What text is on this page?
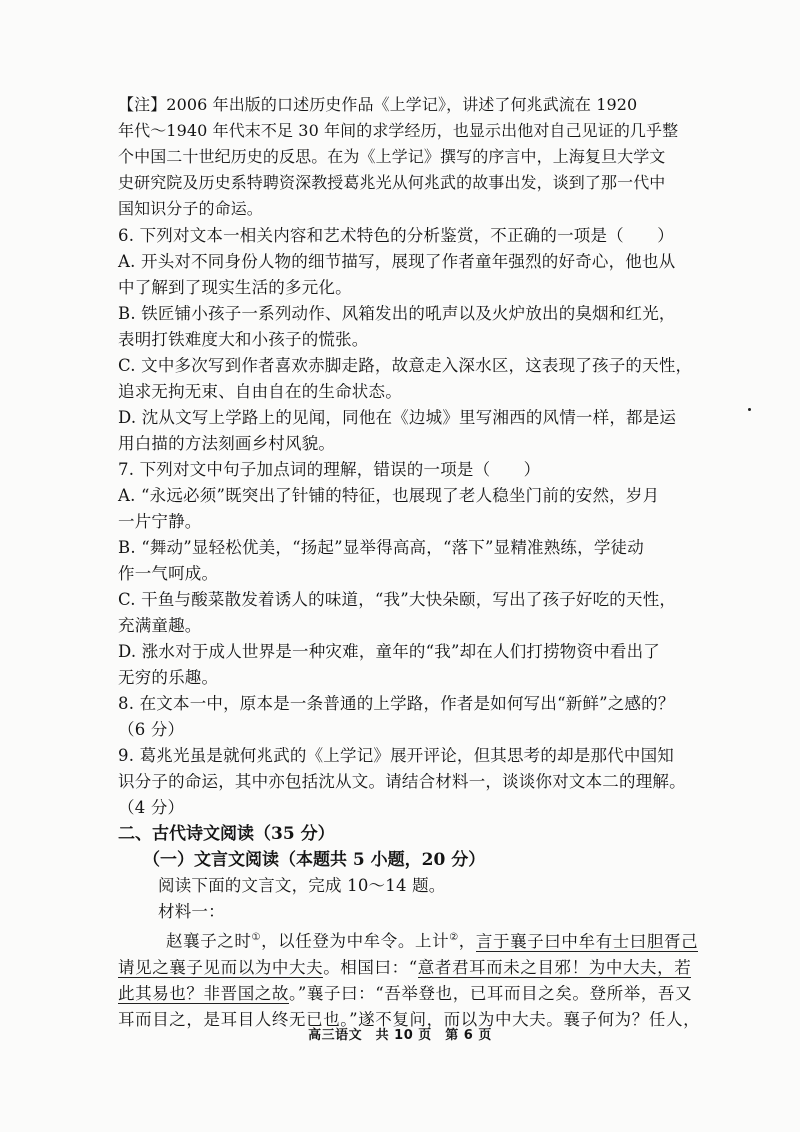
【注】2006 年出版的口述历史作品《上学记》，讲述了何兆武流在 1920

年代～1940 年代末不足 30 年间的求学经历，也显示出他对自己见证的几乎整

个中国二十世纪历史的反思。在为《上学记》撰写的序言中，上海复旦大学文

史研究院及历史系特聘资深教授葛兆光从何兆武的故事出发，谈到了那一代中

国知识分子的命运。

6. 下列对文本一相关内容和艺术特色的分析鉴赏，不正确的一项是（　　）

A. 开头对不同身份人物的细节描写，展现了作者童年强烈的好奇心，他也从

中了解到了现实生活的多元化。

B. 铁匠铺小孩子一系列动作、风箱发出的吼声以及火炉放出的臭烟和红光，

表明打铁难度大和小孩子的慌张。

C. 文中多次写到作者喜欢赤脚走路，故意走入深水区，这表现了孩子的天性，

追求无拘无束、自由自在的生命状态。

D. 沈从文写上学路上的见闻，同他在《边城》里写湘西的风情一样，都是运

用白描的方法刻画乡村风貌。

7. 下列对文中句子加点词的理解，错误的一项是（　　）

A. “永远必须”既突出了针铺的特征，也展现了老人稳坐门前的安然，岁月

一片宁静。

B. “舞动”显轻松优美，“扬起”显举得高高，“落下”显精准熟练，学徒动

作一气呵成。

C. 干鱼与酸菜散发着诱人的味道，“我”大快朵颐，写出了孩子好吃的天性，

充满童趣。

D. 涨水对于成人世界是一种灾难，童年的“我”却在人们打捞物资中看出了

无穷的乐趣。

8. 在文本一中，原本是一条普通的上学路，作者是如何写出“新鲜”之感的？

（6 分）

9. 葛兆光虽是就何兆武的《上学记》展开评论，但其思考的却是那代中国知

识分子的命运，其中亦包括沈从文。请结合材料一，谈谈你对文本二的理解。

（4 分）

二、古代诗文阅读（35 分）

（一）文言文阅读（本题共 5 小题，20 分）

阅读下面的文言文，完成 10～14 题。

材料一：

赵襄子之时①，以任登为中牟令。上计②，言于襄子曰中牟有士曰胆胥己

请见之襄子见而以为中大夫。相国曰：“意者君耳而未之目邪！为中大夫，若

此其易也？非晋国之故。”襄子曰：“吾举登也，已耳而目之矣。登所举，吾又

耳而目之，是耳目人终无已也。”遂不复问，而以为中大夫。襄子何为？任人，

高三语文　共 10 页　第 6 页
